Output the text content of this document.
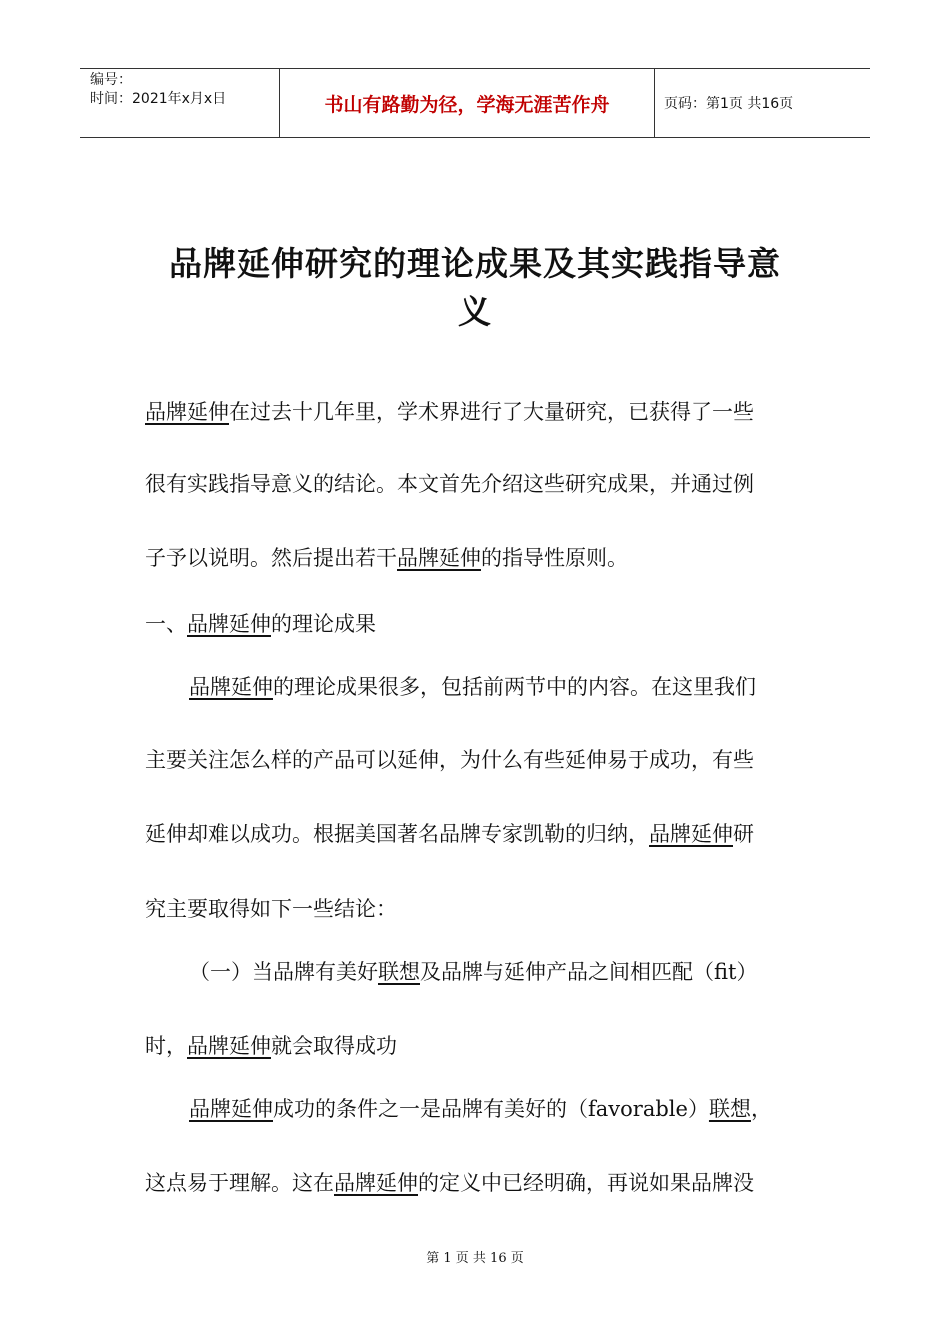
编号：
时间：2021年x月x日	书山有路勤为径，学海无涯苦作舟	页码：第1页 共16页
品牌延伸研究的理论成果及其实践指导意
义
品牌延伸在过去十几年里，学术界进行了大量研究，已获得了一些
很有实践指导意义的结论。本文首先介绍这些研究成果，并通过例
子予以说明。然后提出若干品牌延伸的指导性原则。
一、品牌延伸的理论成果
品牌延伸的理论成果很多，包括前两节中的内容。在这里我们
主要关注怎么样的产品可以延伸，为什么有些延伸易于成功，有些
延伸却难以成功。根据美国著名品牌专家凯勒的归纳，品牌延伸研
究主要取得如下一些结论：
（一）当品牌有美好联想及品牌与延伸产品之间相匹配（fit）
时，品牌延伸就会取得成功
品牌延伸成功的条件之一是品牌有美好的（favorable）联想，
这点易于理解。这在品牌延伸的定义中已经明确，再说如果品牌没
第 1 页 共 16 页
